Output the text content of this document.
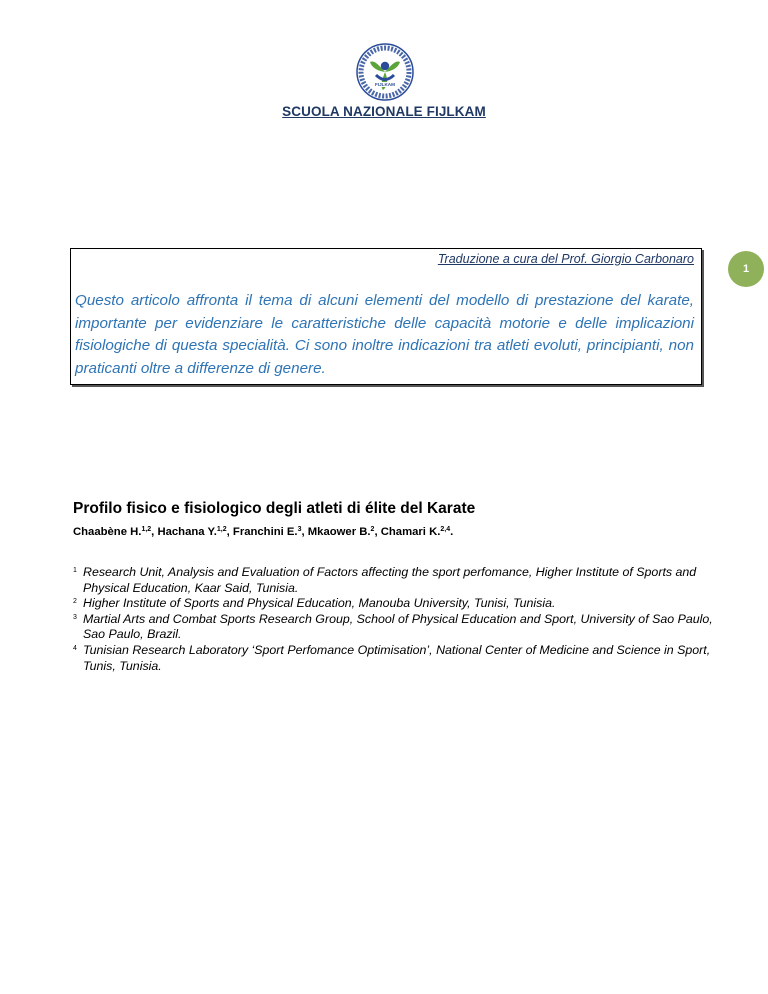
FIJLKAM
SCUOLA NAZIONALE FIJLKAM
Traduzione a cura del Prof. Giorgio Carbonaro

Questo articolo affronta il tema di alcuni elementi del modello di prestazione del karate, importante per evidenziare le caratteristiche delle capacità motorie e delle implicazioni fisiologiche di questa specialità. Ci sono inoltre indicazioni tra atleti evoluti, principianti, non praticanti oltre a differenze di genere.

1
Profilo fisico e fisiologico degli atleti di élite del Karate

Chaabène H.$^{1,2}$, Hachana Y.$^{1,2}$, Franchini E.$^3$, Mkaower B.$^2$, Chamari K.$^{2,4}$.

$^1$ Research Unit, Analysis and Evaluation of Factors affecting the sport perfomance, Higher Institute of Sports and Physical Education, Kaar Said, Tunisia.
$^2$ Higher Institute of Sports and Physical Education, Manouba University, Tunisi, Tunisia.
$^3$ Martial Arts and Combat Sports Research Group, School of Physical Education and Sport, University of Sao Paulo, Sao Paulo, Brazil.
$^4$ Tunisian Research Laboratory ‘Sport Perfomance Optimisation’, National Center of Medicine and Science in Sport, Tunis, Tunisia.
